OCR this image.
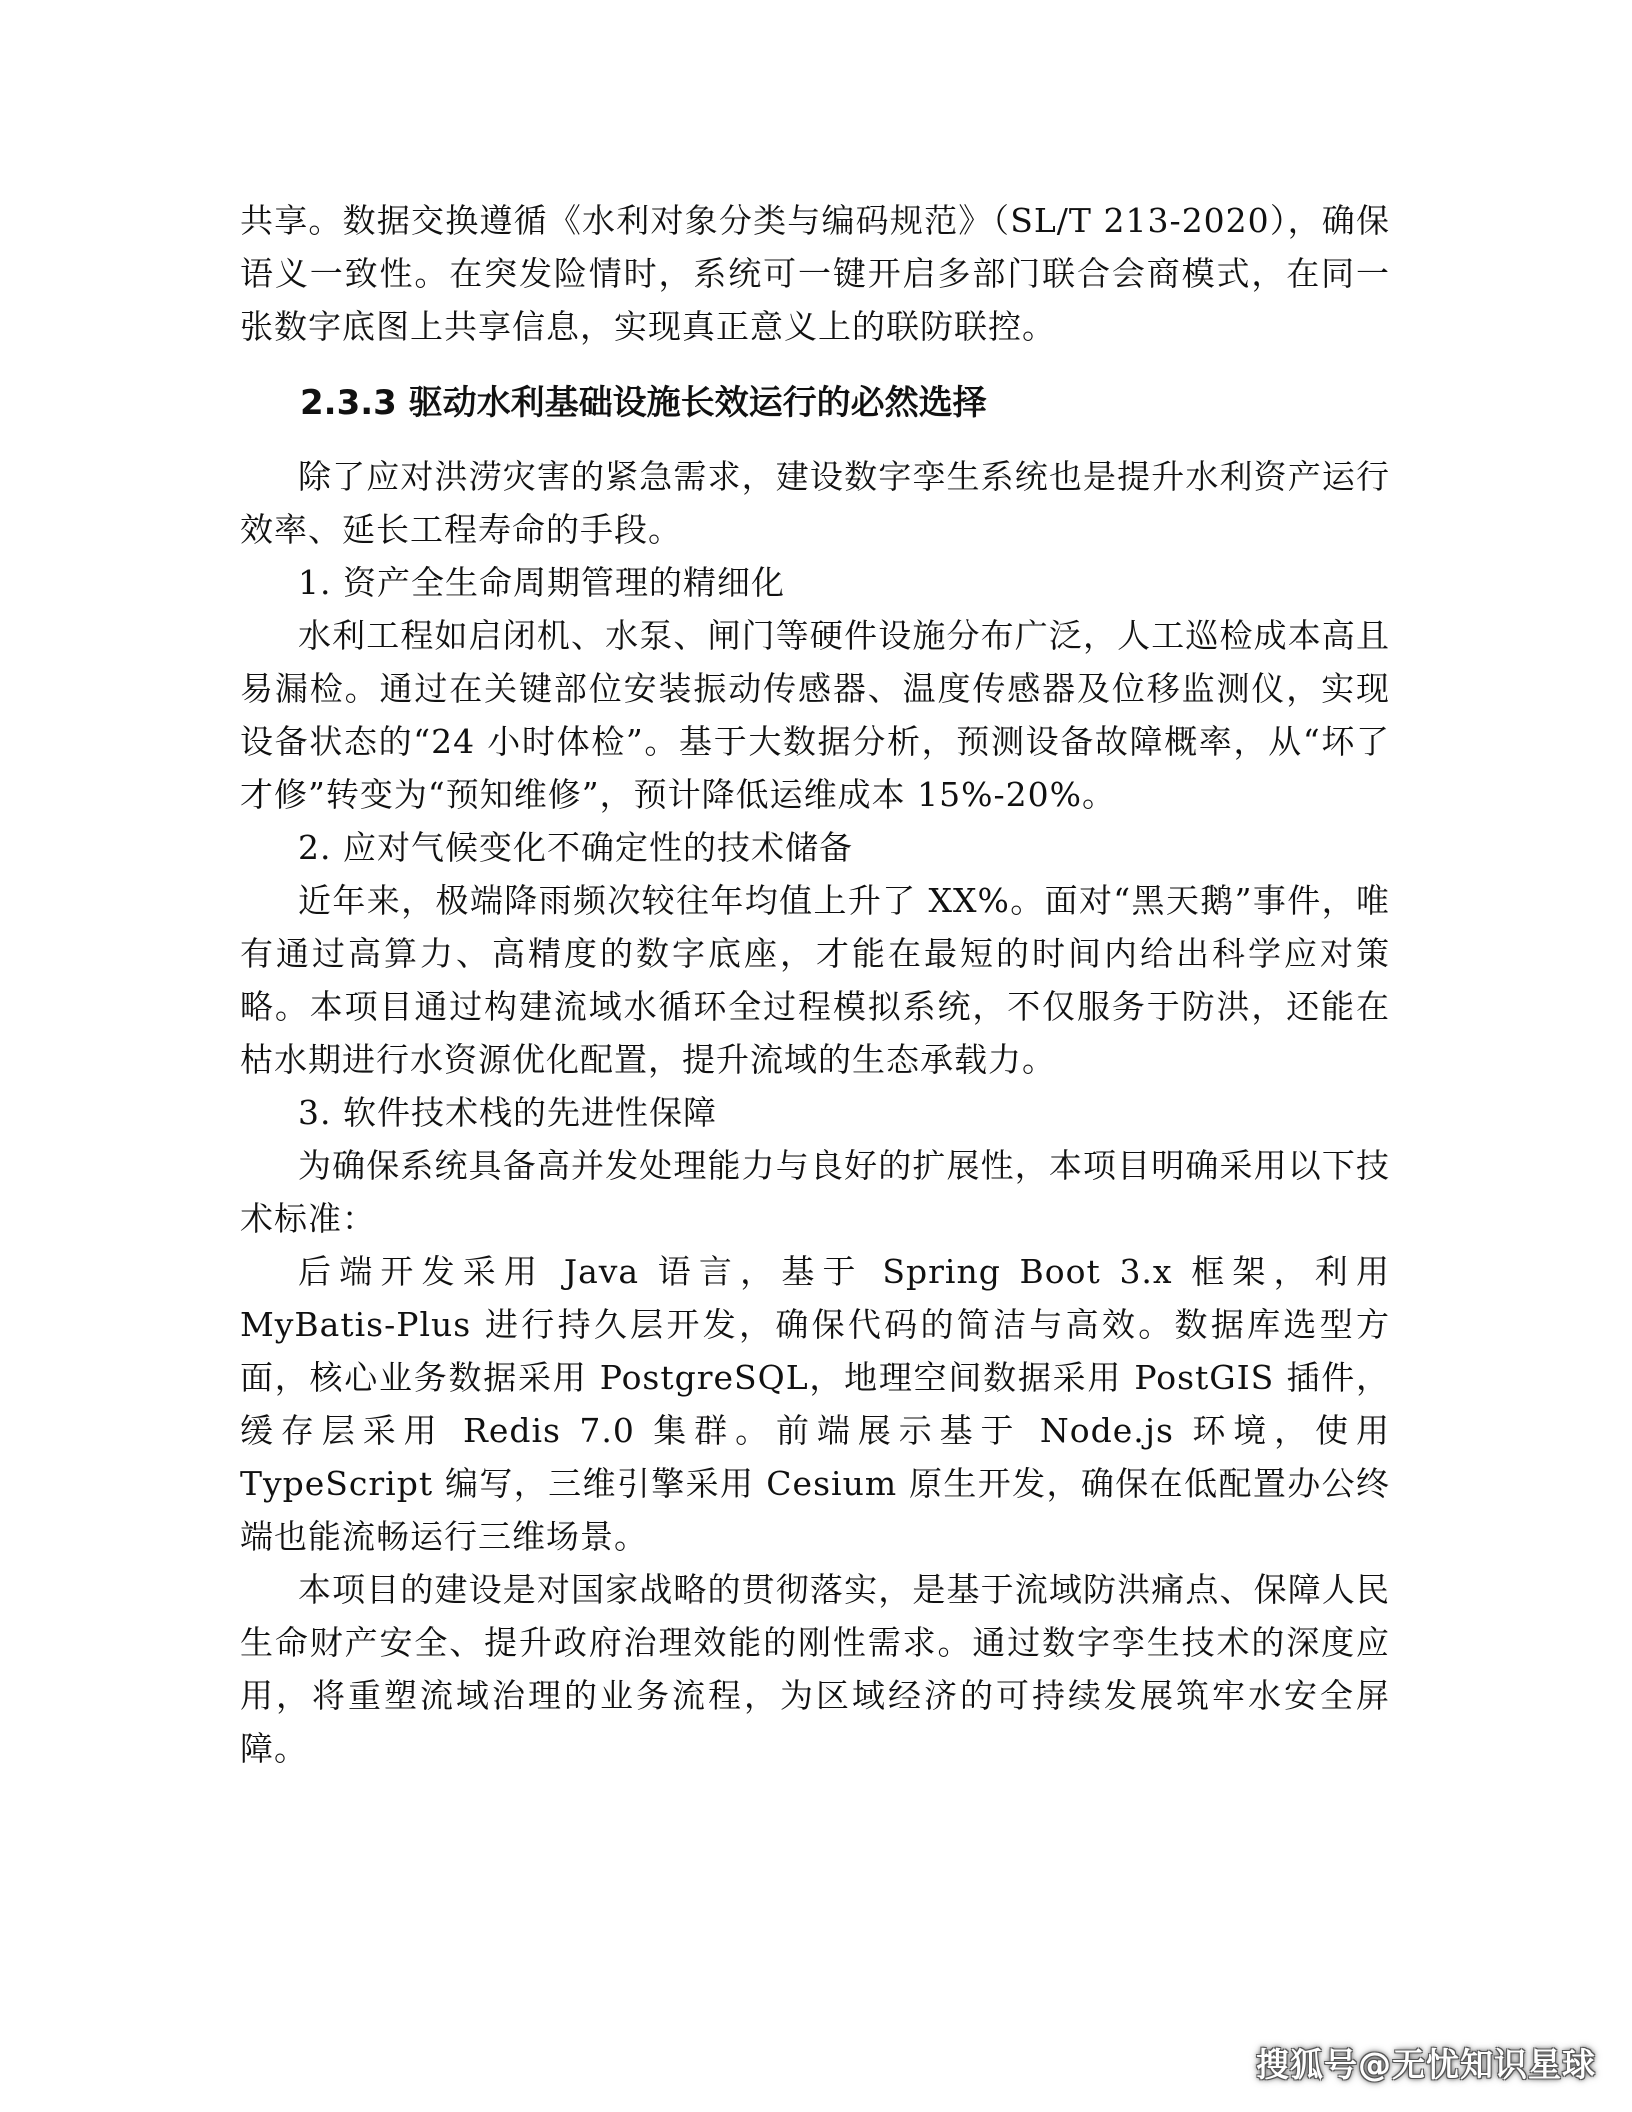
共享。数据交换遵循《水利对象分类与编码规范》（SL/T 213-2020），确保语义一致性。在突发险情时，系统可一键开启多部门联合会商模式，在同一张数字底图上共享信息，实现真正意义上的联防联控。

2.3.3 驱动水利基础设施长效运行的必然选择

除了应对洪涝灾害的紧急需求，建设数字孪生系统也是提升水利资产运行效率、延长工程寿命的手段。

1. 资产全生命周期管理的精细化

水利工程如启闭机、水泵、闸门等硬件设施分布广泛，人工巡检成本高且易漏检。通过在关键部位安装振动传感器、温度传感器及位移监测仪，实现设备状态的“24 小时体检”。基于大数据分析，预测设备故障概率，从“坏了才修”转变为“预知维修”，预计降低运维成本 15%-20%。

2. 应对气候变化不确定性的技术储备

近年来，极端降雨频次较往年均值上升了 XX%。面对“黑天鹅”事件，唯有通过高算力、高精度的数字底座，才能在最短的时间内给出科学应对策略。本项目通过构建流域水循环全过程模拟系统，不仅服务于防洪，还能在枯水期进行水资源优化配置，提升流域的生态承载力。

3. 软件技术栈的先进性保障

为确保系统具备高并发处理能力与良好的扩展性，本项目明确采用以下技术标准：

后端开发采用 Java 语言，基于 Spring Boot 3.x 框架，利用 MyBatis-Plus 进行持久层开发，确保代码的简洁与高效。数据库选型方面，核心业务数据采用 PostgreSQL，地理空间数据采用 PostGIS 插件，缓存层采用 Redis 7.0 集群。前端展示基于 Node.js 环境，使用 TypeScript 编写，三维引擎采用 Cesium 原生开发，确保在低配置办公终端也能流畅运行三维场景。

本项目的建设是对国家战略的贯彻落实，是基于流域防洪痛点、保障人民生命财产安全、提升政府治理效能的刚性需求。通过数字孪生技术的深度应用，将重塑流域治理的业务流程，为区域经济的可持续发展筑牢水安全屏障。

搜狐号@无忧知识星球
